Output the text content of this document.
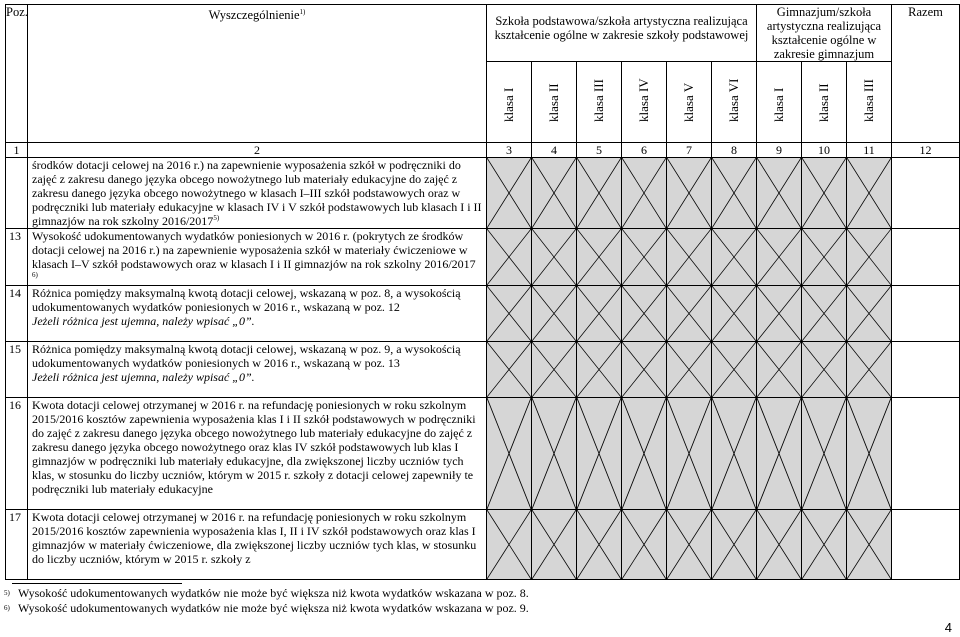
Poz.	Wyszczególnienie$^{1)}$	Szkoła podstawowa/szkoła artystyczna realizująca kształcenie ogólne w zakresie szkoły podstawowej						Gimnazjum/szkoła artystyczna realizująca kształcenie ogólne w zakresie gimnazjum			Razem

		klasa I	klasa II	klasa III	klasa IV	klasa V	klasa VI	klasa I	klasa II	klasa III	

1	2	3	4	5	6	7	8	9	10	11	12
	środków dotacji celowej na 2016 r.) na zapewnienie wyposażenia szkół w podręczniki do zajęć z zakresu danego języka obcego nowożytnego lub materiały edukacyjne do zajęć z zakresu danego języka obcego nowożytnego w klasach I–III szkół podstawowych oraz w podręczniki lub materiały edukacyjne w klasach IV i V szkół podstawowych lub klasach I i II gimnazjów na rok szkolny 2016/2017$^{5)}$	

13	Wysokość udokumentowanych wydatków poniesionych w 2016 r. (pokrytych ze środków dotacji celowej na 2016 r.) na zapewnienie wyposażenia szkół w materiały ćwiczeniowe w klasach I–V szkół podstawowych oraz w klasach I i II gimnazjów na rok szkolny 2016/2017 $^{6)}$	

14	Różnica pomiędzy maksymalną kwotą dotacji celowej, wskazaną w poz. 8, a wysokością udokumentowanych wydatków poniesionych w 2016 r., wskazaną w poz. 12
Jeżeli różnica jest ujemna, należy wpisać „0”.	

15	Różnica pomiędzy maksymalną kwotą dotacji celowej, wskazaną w poz. 9, a wysokością udokumentowanych wydatków poniesionych w 2016 r., wskazaną w poz. 13
Jeżeli różnica jest ujemna, należy wpisać „0”.	

16	Kwota dotacji celowej otrzymanej w 2016 r. na refundację poniesionych w roku szkolnym 2015/2016 kosztów zapewnienia wyposażenia klas I i II szkół podstawowych w podręczniki do zajęć z zakresu danego języka obcego nowożytnego lub materiały edukacyjne do zajęć z zakresu danego języka obcego nowożytnego oraz klas IV szkół podstawowych lub klas I gimnazjów w podręczniki lub materiały edukacyjne, dla zwiększonej liczby uczniów tych klas, w stosunku do liczby uczniów, którym w 2015 r. szkoły z dotacji celowej zapewniły te podręczniki lub materiały edukacyjne	

17	Kwota dotacji celowej otrzymanej w 2016 r. na refundację poniesionych w roku szkolnym 2015/2016 kosztów zapewnienia wyposażenia klas I, II i IV szkół podstawowych oraz klas I gimnazjów w materiały ćwiczeniowe, dla zwiększonej liczby uczniów tych klas, w stosunku do liczby uczniów, którym w 2015 r. szkoły z	

$^{5)}$ Wysokość udokumentowanych wydatków nie może być większa niż kwota wydatków wskazana w poz. 8.
$^{6)}$ Wysokość udokumentowanych wydatków nie może być większa niż kwota wydatków wskazana w poz. 9.
4
